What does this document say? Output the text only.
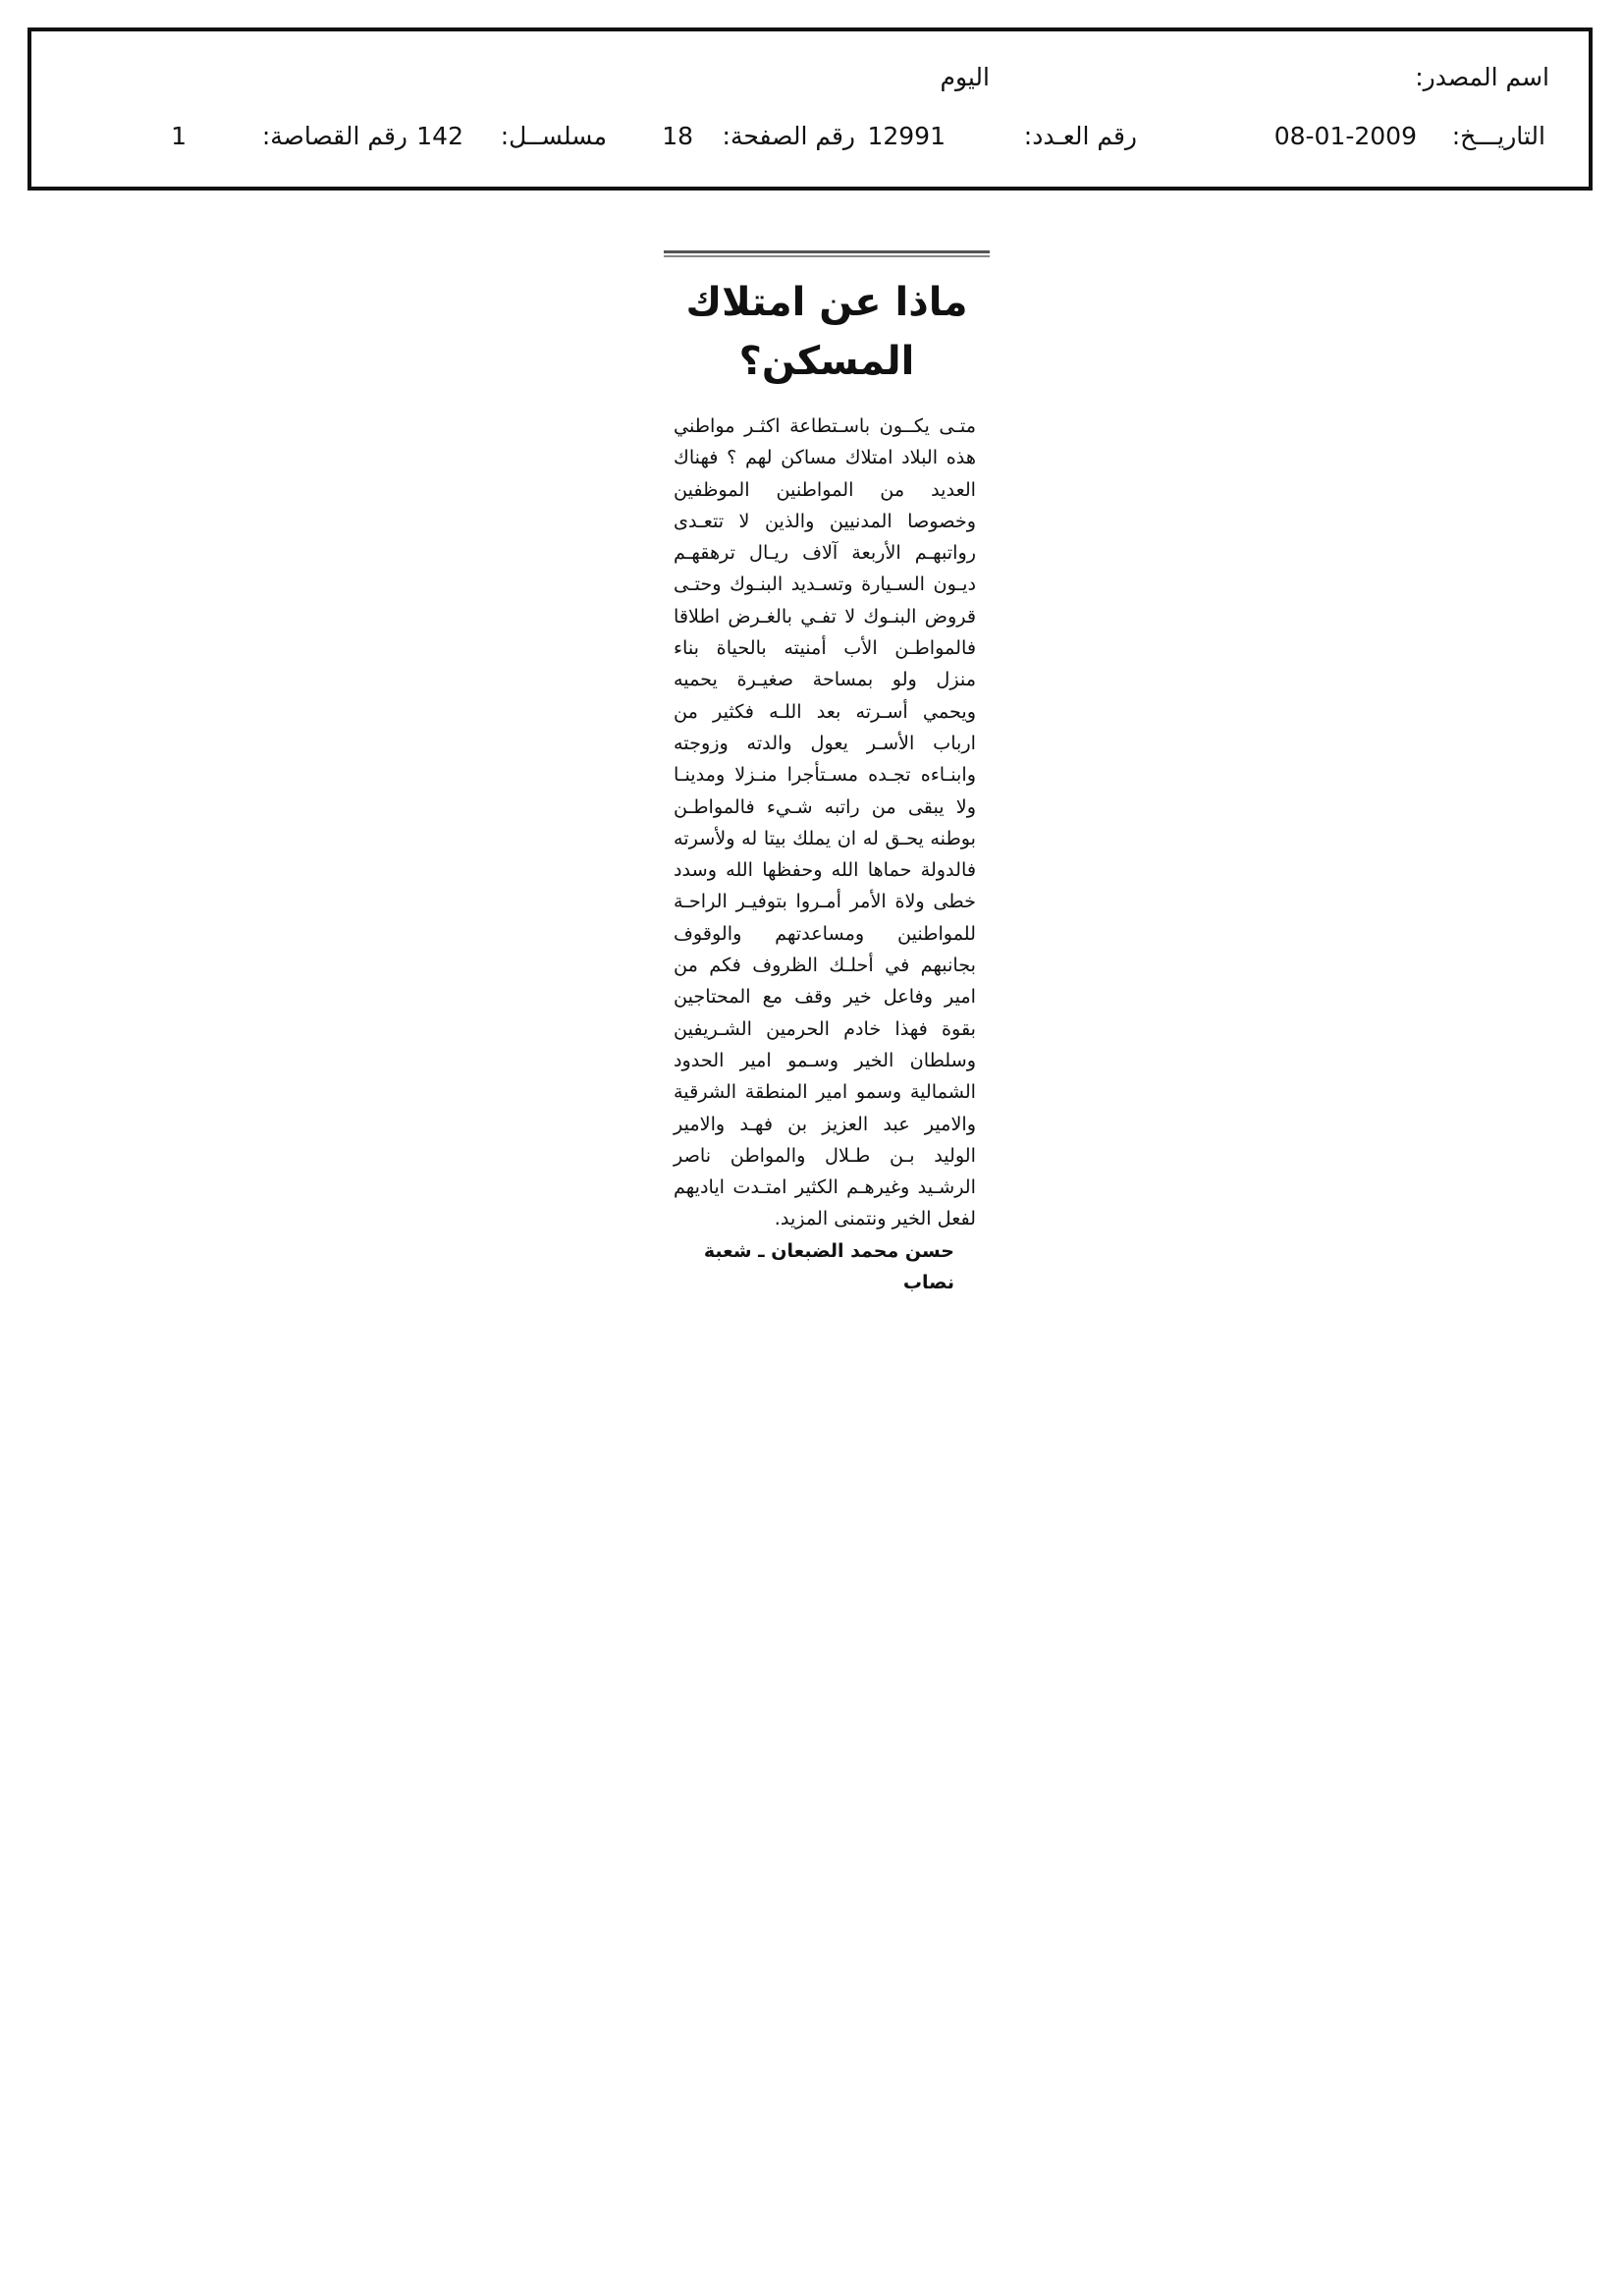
اسم المصدر:
اليوم
التاريـــخ:
08-01-2009
رقم العـدد:
12991
رقم الصفحة:
18
مسلســل:
142
رقم القصاصة:
1
ماذا عن امتلاك المسكن؟

متـى يكــون باسـتطاعة اكثـر مواطني هذه البلاد امتلاك مساكن لهم ؟ فهناك العديد من المواطنين الموظفين وخصوصا المدنيين والذين لا تتعـدى رواتبهـم الأربعة آلاف ريـال ترهقهـم ديـون السـيارة وتسـديد البنـوك وحتـى قروض البنـوك لا تفـي بالغـرض اطلاقا فالمواطـن الأب أمنيته بالحياة بناء منزل ولو بمساحة صغيـرة يحميه ويحمي أسـرته بعد اللـه فكثير من ارباب الأسـر يعول والدته وزوجته وابنـاءه تجـده مسـتأجرا منـزلا ومدينـا ولا يبقى من راتبه شـيء فالمواطـن بوطنه يحـق له ان يملك بيتا له ولأسرته فالدولة حماها الله وحفظها الله وسدد خطى ولاة الأمر أمـروا بتوفيـر الراحـة للمواطنين ومساعدتهم والوقوف بجانبهم في أحلـك الظروف فكم من امير وفاعل خير وقف مع المحتاجين بقوة فهذا خادم الحرمين الشـريفين وسلطان الخير وسـمو امير الحدود الشمالية وسمو امير المنطقة الشرقية والامير عبد العزيز بن فهـد والامير الوليد بـن طـلال والمواطن ناصر الرشـيد وغيرهـم الكثير امتـدت اياديهم لفعل الخير ونتمنى المزيد.

حسن محمد الضبعان ـ شعبة نصاب
